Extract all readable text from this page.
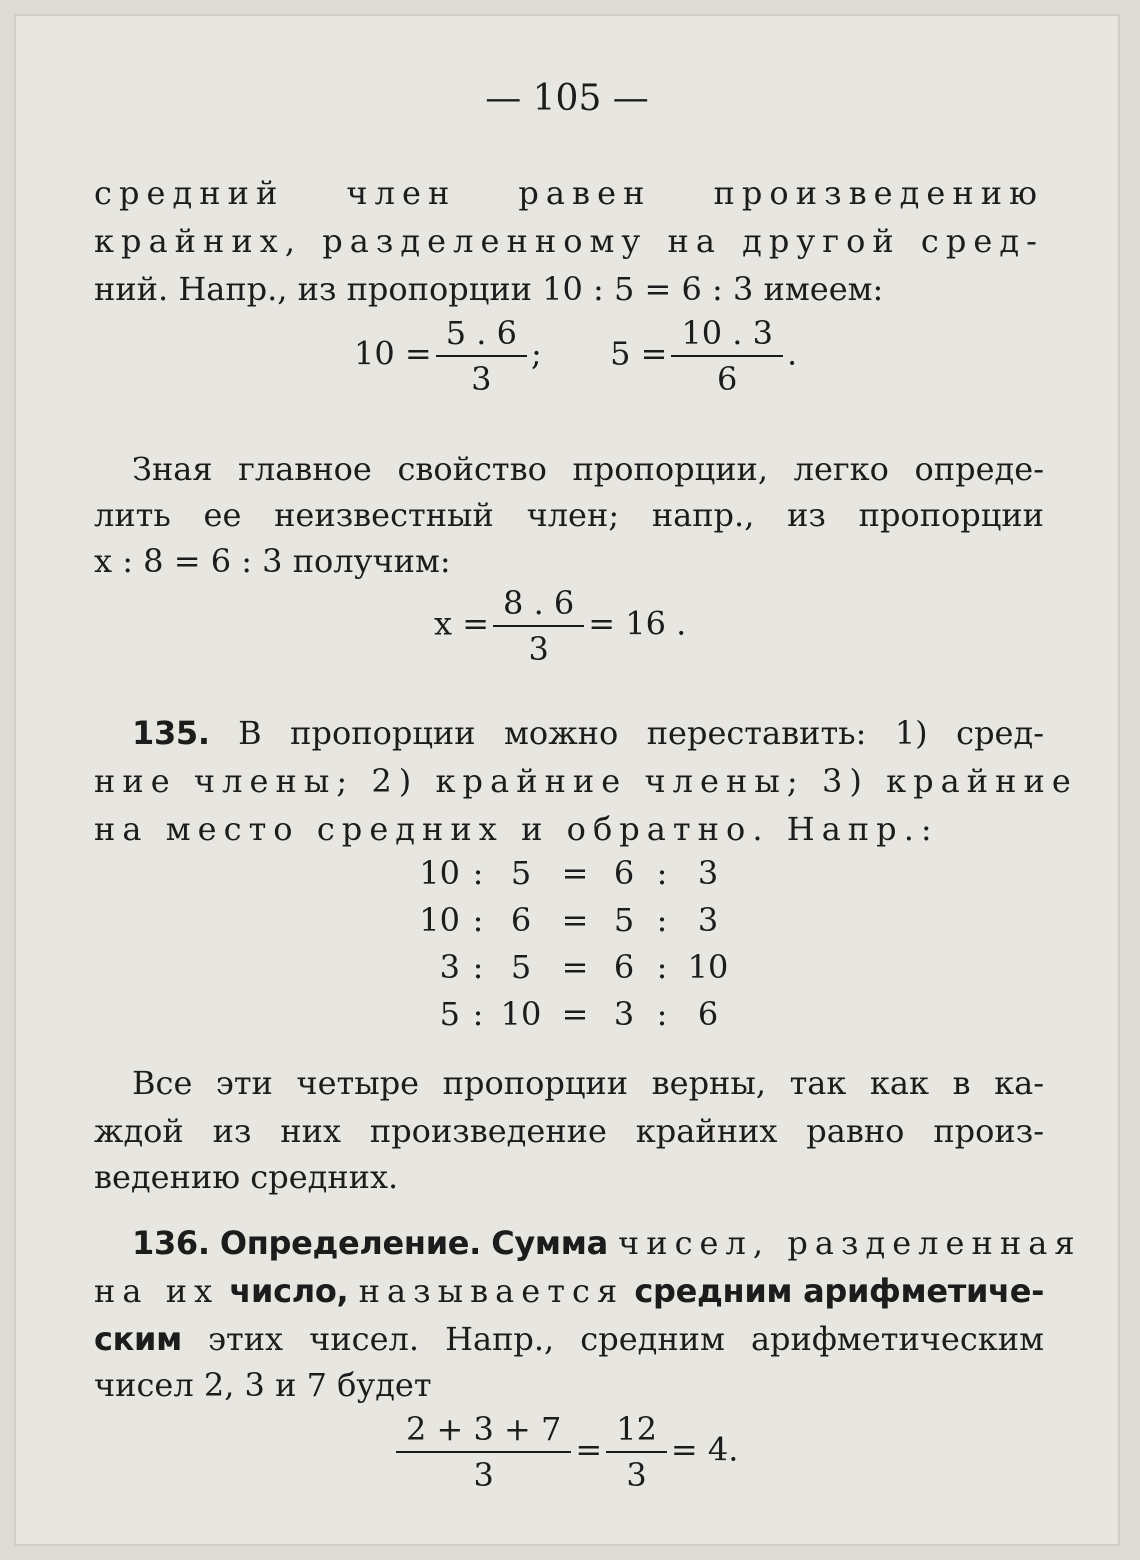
— 105 —
средний член равен произведению
крайних, разделенному на другой сред-
ний. Напр., из пропорции 10 : 5 = 6 : 3 имеем:
$10 = \frac{5 . 6}{3}$ ; $5 = \frac{10 . 3}{6}$ .
Зная главное свойство пропорции, легко опреде-
лить ее неизвестный член; напр., из пропорции
x : 8 = 6 : 3 получим:
$x = \frac{8 . 6}{3} = 16$ .
135. В пропорции можно переставить: 1) сред-
ние члены; 2) крайние члены; 3) крайние
на место средних и обратно. Напр.:
10 : 5 = 6 : 3
10 : 6 = 5 : 3
3 : 5 = 6 : 10
5 : 10 = 3 : 6
Все эти четыре пропорции верны, так как в ка-
ждой из них произведение крайних равно произ-
ведению средних.
136. Определение. Сумма чисел, разделенная
на их число, называется средним арифметиче-
ским этих чисел. Напр., средним арифметическим
чисел 2, 3 и 7 будет
$\frac{2 + 3 + 7}{3} = \frac{12}{3} = 4$.
